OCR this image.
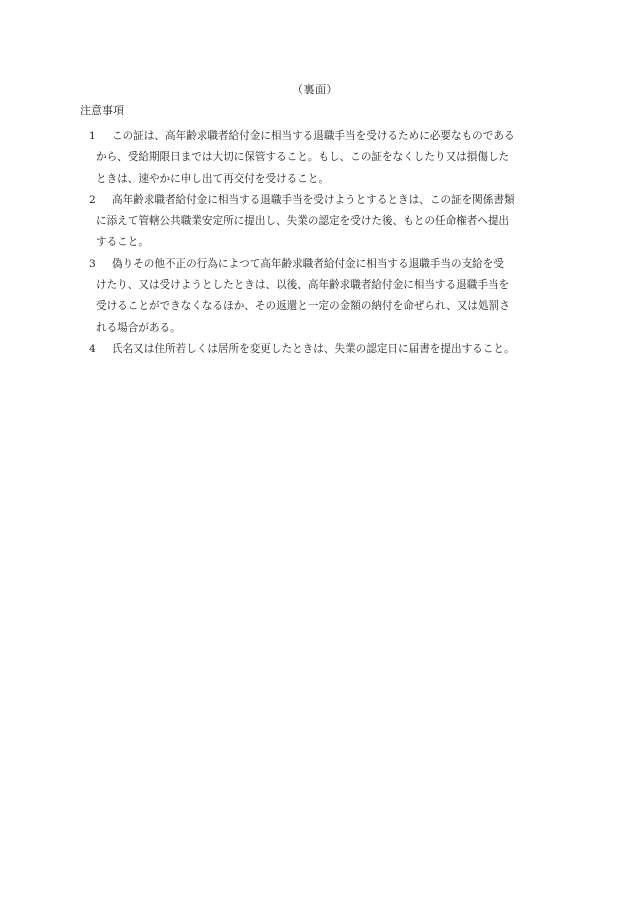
（裏面）
注意事項
1	この証は、高年齢求職者給付金に相当する退職手当を受けるために必要なものである
から、受給期限日までは大切に保管すること。もし、この証をなくしたり又は損傷した
ときは、速やかに申し出て再交付を受けること。
2	高年齢求職者給付金に相当する退職手当を受けようとするときは、この証を関係書類
に添えて管轄公共職業安定所に提出し、失業の認定を受けた後、もとの任命権者へ提出
すること。
3	偽りその他不正の行為によつて高年齢求職者給付金に相当する退職手当の支給を受
けたり、又は受けようとしたときは、以後、高年齢求職者給付金に相当する退職手当を
受けることができなくなるほか、その返還と一定の金額の納付を命ぜられ、又は処罰さ
れる場合がある。
4	氏名又は住所若しくは居所を変更したときは、失業の認定日に届書を提出すること。
